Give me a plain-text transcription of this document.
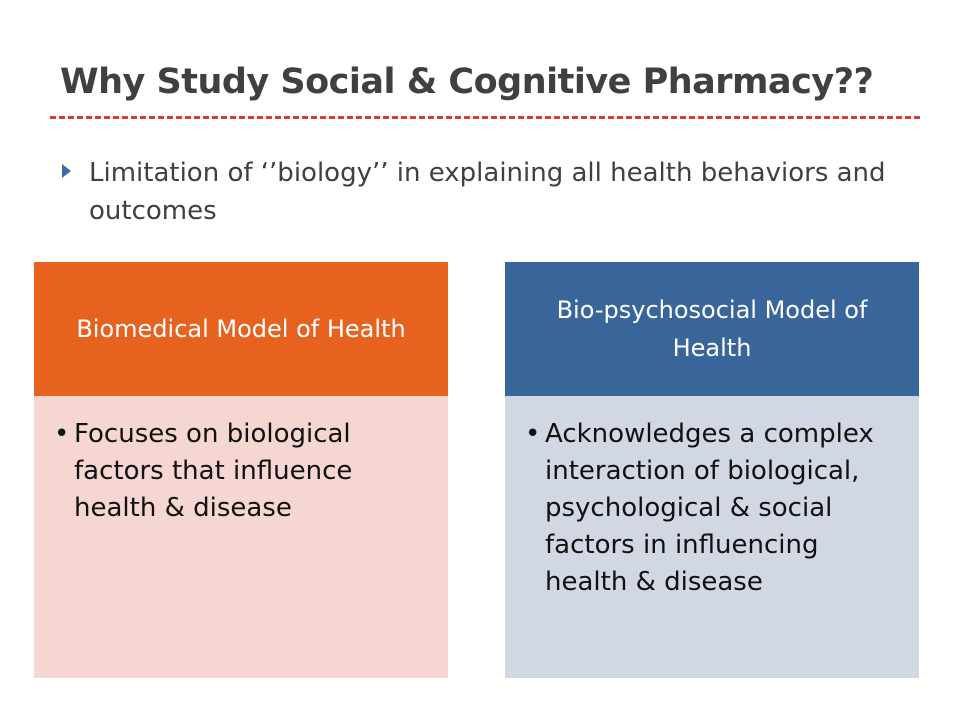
Why Study Social & Cognitive Pharmacy??
Limitation of ‘’biology’’ in explaining all health behaviors and outcomes
Biomedical Model of Health
• Focuses on biological factors that influence health & disease
Bio-psychosocial Model of Health
• Acknowledges a complex interaction of biological, psychological & social factors in influencing health & disease
